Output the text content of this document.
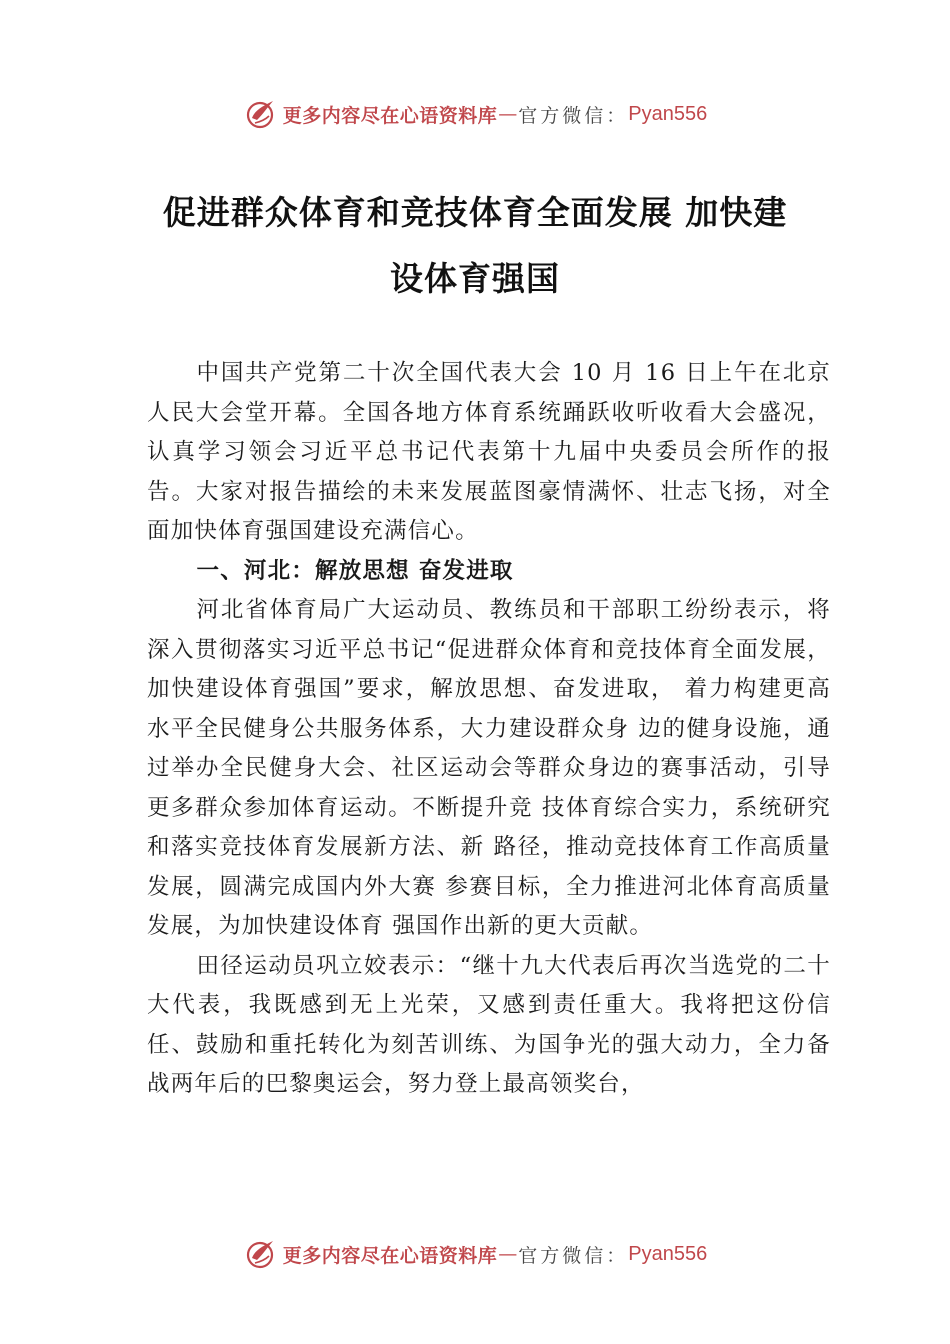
更多内容尽在心语资料库 — 官方微信： Pyan556
促进群众体育和竞技体育全面发展 加快建
设体育强国

中国共产党第二十次全国代表大会 10 月 16 日上午在北京人民大会堂开幕。全国各地方体育系统踊跃收听收看大会盛况，认真学习领会习近平总书记代表第十九届中央委员会所作的报告。大家对报告描绘的未来发展蓝图豪情满怀、壮志飞扬，对全面加快体育强国建设充满信心。

一、河北：解放思想 奋发进取

河北省体育局广大运动员、教练员和干部职工纷纷表示，将深入贯彻落实习近平总书记“促进群众体育和竞技体育全面发展，加快建设体育强国”要求，解放思想、奋发进取， 着力构建更高水平全民健身公共服务体系，大力建设群众身 边的健身设施，通过举办全民健身大会、社区运动会等群众身边的赛事活动，引导更多群众参加体育运动。不断提升竞 技体育综合实力，系统研究和落实竞技体育发展新方法、新 路径，推动竞技体育工作高质量发展，圆满完成国内外大赛 参赛目标，全力推进河北体育高质量发展，为加快建设体育 强国作出新的更大贡献。

田径运动员巩立姣表示：“继十九大代表后再次当选党的二十大代表，我既感到无上光荣，又感到责任重大。我将把这份信任、鼓励和重托转化为刻苦训练、为国争光的强大动力，全力备战两年后的巴黎奥运会，努力登上最高领奖台，

更多内容尽在心语资料库 — 官方微信： Pyan556
